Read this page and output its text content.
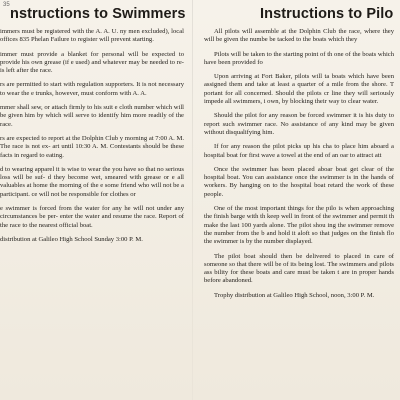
35
nstructions to Swimmers

immers must be registered with the A. A. U. ny men excluded), local offices 835 Phelan Failure to register will prevent starting.

immer must provide a blanket for personal will be expected to provide his own grease (if e used) and whatever may be needed to re- is left after the race.

rs are permitted to start with regulation supporters. It is not necessary to wear the e trunks, however, must conform with A. A.

mmer shall sew, or attach firmly to his suit e cloth number which will be given him by which will serve to identify him more readily of the race.

rs are expected to report at the Dolphin Club y morning at 7:00 A. M. The race is not ex- art until 10:30 A. M. Contestants should be these facts in regard to eating.

d to wearing apparel it is wise to wear the you have so that no serious loss will be suf- d they become wet, smeared with grease or e all valuables at home the morning of the e some friend who will not be a participant. ce will not be responsible for clothes or

e swimmer is forced from the water for any he will not under any circumstances be per- enter the water and resume the race. Report of the race to the nearest official boat.

distribution at Galileo High School Sunday 3:00 P. M.

Instructions to Pilo

All pilots will assemble at the Dolphin Club the race, where they will be given the numbe be tacked to the boats which they

Pilots will be taken to the starting point of th one of the boats which have been provided fo

Upon arriving at Fort Baker, pilots will ta boats which have been assigned them and take at least a quarter of a mile from the shore. T portant for all concerned. Should the pilots cr line they will seriously impede all swimmers, i own, by blocking their way to clear water.

Should the pilot for any reason be forced swimmer it is his duty to report such swimmer race. No assistance of any kind may be given without disqualifying him.

If for any reason the pilot picks up his cha to place him aboard a hospital boat for first wave a towel at the end of an oar to attract att

Once the swimmer has been placed aboar boat get clear of the hospital boat. You can assistance once the swimmer is in the hands of workers. By hanging on to the hospital boat retard the work of these people.

One of the most important things for the pilo is when approaching the finish barge with th keep well in front of the swimmer and permit th make the last 100 yards alone. The pilot shou ing the swimmer remove the number from the b and hold it aloft so that judges on the finish flo the swimmer is by the number displayed.

The pilot boat should then be delivered to placed in care of someone so that there will be of its being lost. The swimmers and pilots ass bility for these boats and care must be taken t are in proper hands before abandoned.

Trophy distribution at Galileo High School, noon, 3:00 P. M.
